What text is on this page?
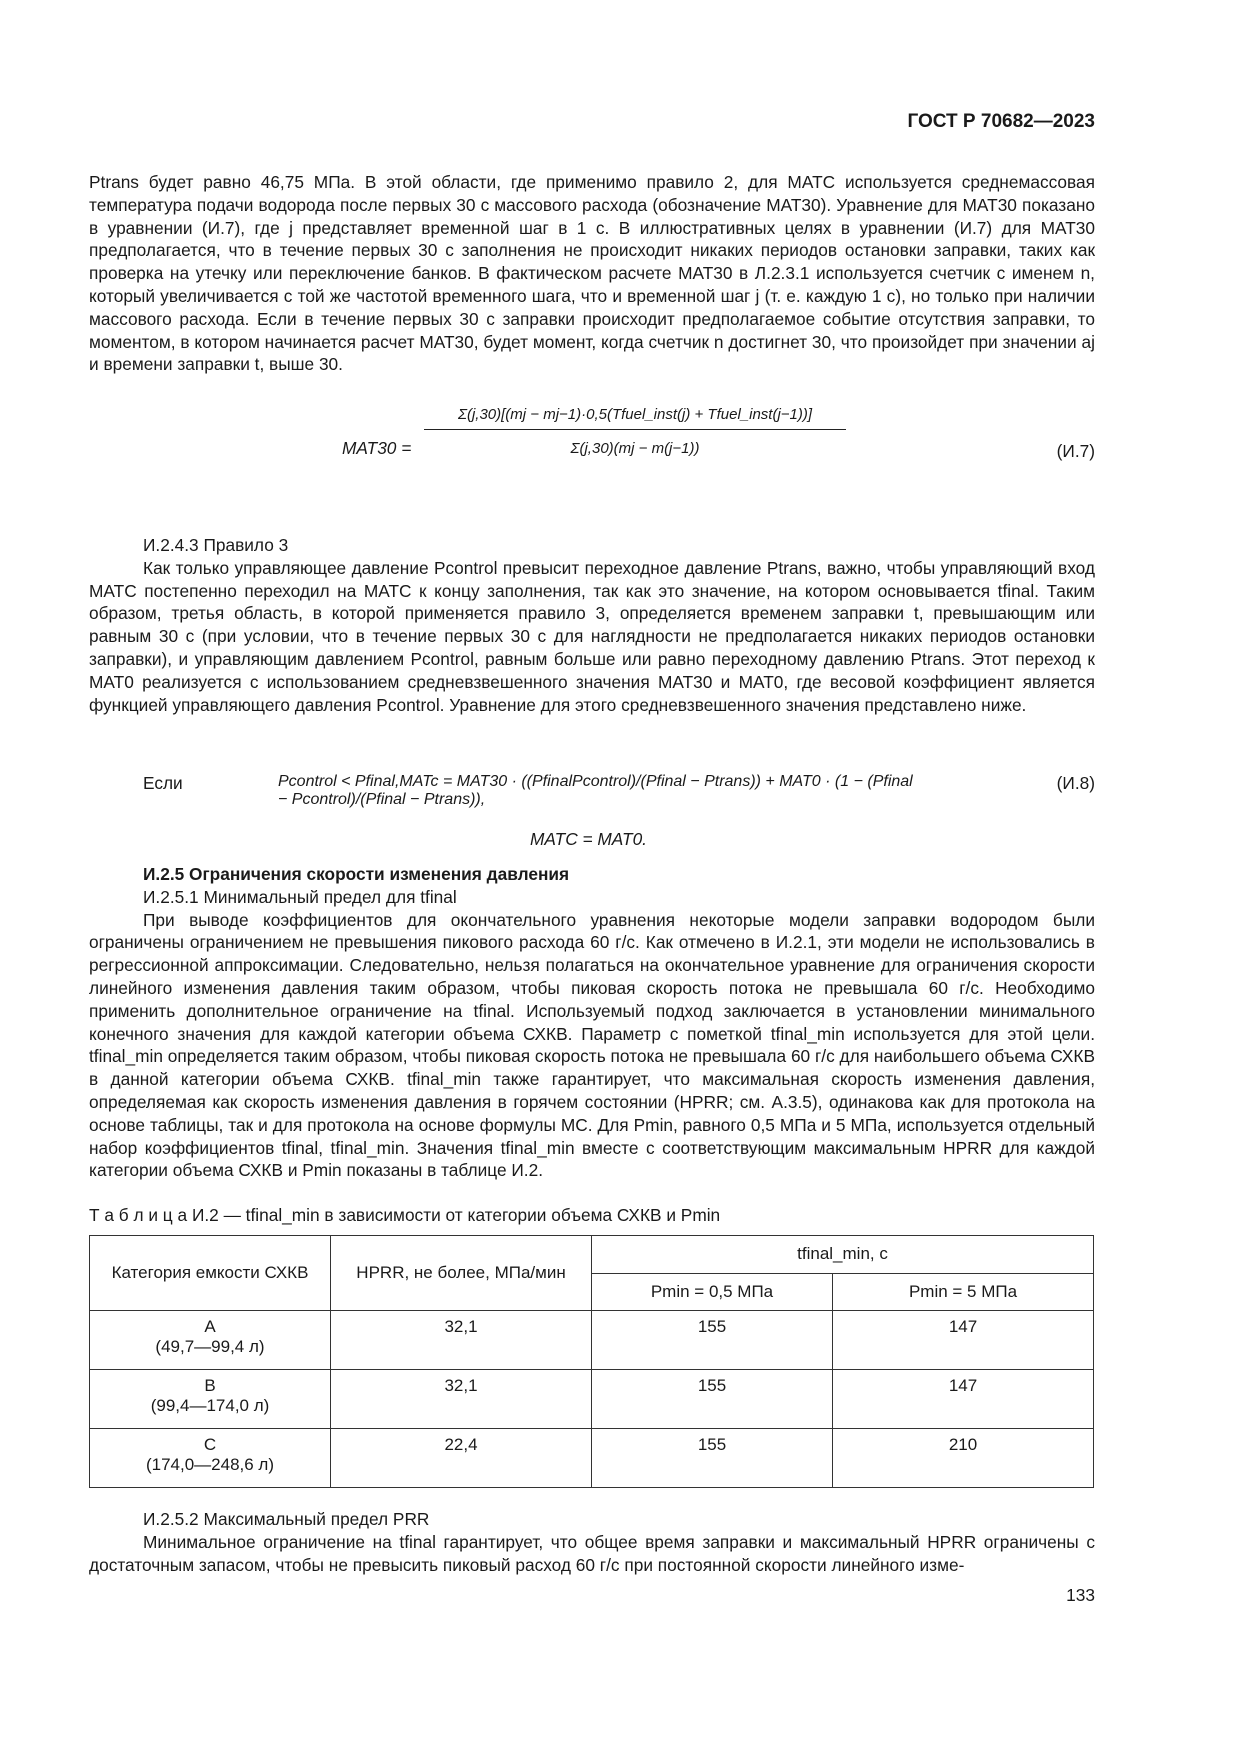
ГОСТ Р 70682—2023

Ptrans будет равно 46,75 МПа. В этой области, где применимо правило 2, для MATC используется среднемассовая температура подачи водорода после первых 30 с массового расхода (обозначение MAT30). Уравнение для MAT30 показано в уравнении (И.7), где j представляет временной шаг в 1 с. В иллюстративных целях в уравнении (И.7) для MAT30 предполагается, что в течение первых 30 с заполнения не происходит никаких периодов остановки заправки, таких как проверка на утечку или переключение банков. В фактическом расчете MAT30 в Л.2.3.1 используется счетчик с именем n, который увеличивается с той же частотой временного шага, что и временной шаг j (т. е. каждую 1 с), но только при наличии массового расхода. Если в течение первых 30 с заправки происходит предполагаемое событие отсутствия заправки, то моментом, в котором начинается расчет MAT30, будет момент, когда счетчик n достигнет 30, что произойдет при значении aj и времени заправки t, выше 30.

MAT30 =
Σ(j,30)[(mj − mj−1)·0,5(Tfuel_inst(j) + Tfuel_inst(j−1))]
Σ(j,30)(mj − m(j−1))	(И.7)

И.2.4.3 Правило 3

Как только управляющее давление Pcontrol превысит переходное давление Ptrans, важно, чтобы управляющий вход MATC постепенно переходил на MATC к концу заполнения, так как это значение, на котором основывается tfinal. Таким образом, третья область, в которой применяется правило 3, определяется временем заправки t, превышающим или равным 30 с (при условии, что в течение первых 30 с для наглядности не предполагается никаких периодов остановки заправки), и управляющим давлением Pcontrol, равным больше или равно переходному давлению Ptrans. Этот переход к MAT0 реализуется с использованием средневзвешенного значения MAT30 и MAT0, где весовой коэффициент является функцией управляющего давления Pcontrol. Уравнение для этого средневзвешенного значения представлено ниже.

Если	Pcontrol < Pfinal,MATc = MAT30 · ((PfinalPcontrol)/(Pfinal − Ptrans)) + MAT0 · (1 − (Pfinal − Pcontrol)/(Pfinal − Ptrans)),
(И.8)
MATC = MAT0.

И.2.5 Ограничения скорости изменения давления

И.2.5.1 Минимальный предел для tfinal

При выводе коэффициентов для окончательного уравнения некоторые модели заправки водородом были ограничены ограничением не превышения пикового расхода 60 г/с. Как отмечено в И.2.1, эти модели не использовались в регрессионной аппроксимации. Следовательно, нельзя полагаться на окончательное уравнение для ограничения скорости линейного изменения давления таким образом, чтобы пиковая скорость потока не превышала 60 г/с. Необходимо применить дополнительное ограничение на tfinal. Используемый подход заключается в установлении минимального конечного значения для каждой категории объема СХКВ. Параметр с пометкой tfinal_min используется для этой цели. tfinal_min определяется таким образом, чтобы пиковая скорость потока не превышала 60 г/с для наибольшего объема СХКВ в данной категории объема СХКВ. tfinal_min также гарантирует, что максимальная скорость изменения давления, определяемая как скорость изменения давления в горячем состоянии (HPRR; см. А.3.5), одинакова как для протокола на основе таблицы, так и для протокола на основе формулы МС. Для Pmin, равного 0,5 МПа и 5 МПа, используется отдельный набор коэффициентов tfinal, tfinal_min. Значения tfinal_min вместе с соответствующим максимальным HPRR для каждой категории объема СХКВ и Pmin показаны в таблице И.2.

Т а б л и ц а И.2 — tfinal_min в зависимости от категории объема СХКВ и Pmin

Категория емкости СХКВ	HPRR, не более, МПа/мин	tfinal_min, с	
		Pmin = 0,5 МПа	Pmin = 5 МПа

A
(49,7—99,4 л)	32,1	155	147

B
(99,4—174,0 л)	32,1	155	147

C
(174,0—248,6 л)	22,4	155	210

И.2.5.2 Максимальный предел PRR

Минимальное ограничение на tfinal гарантирует, что общее время заправки и максимальный HPRR ограничены с достаточным запасом, чтобы не превысить пиковый расход 60 г/с при постоянной скорости линейного изме-

133
